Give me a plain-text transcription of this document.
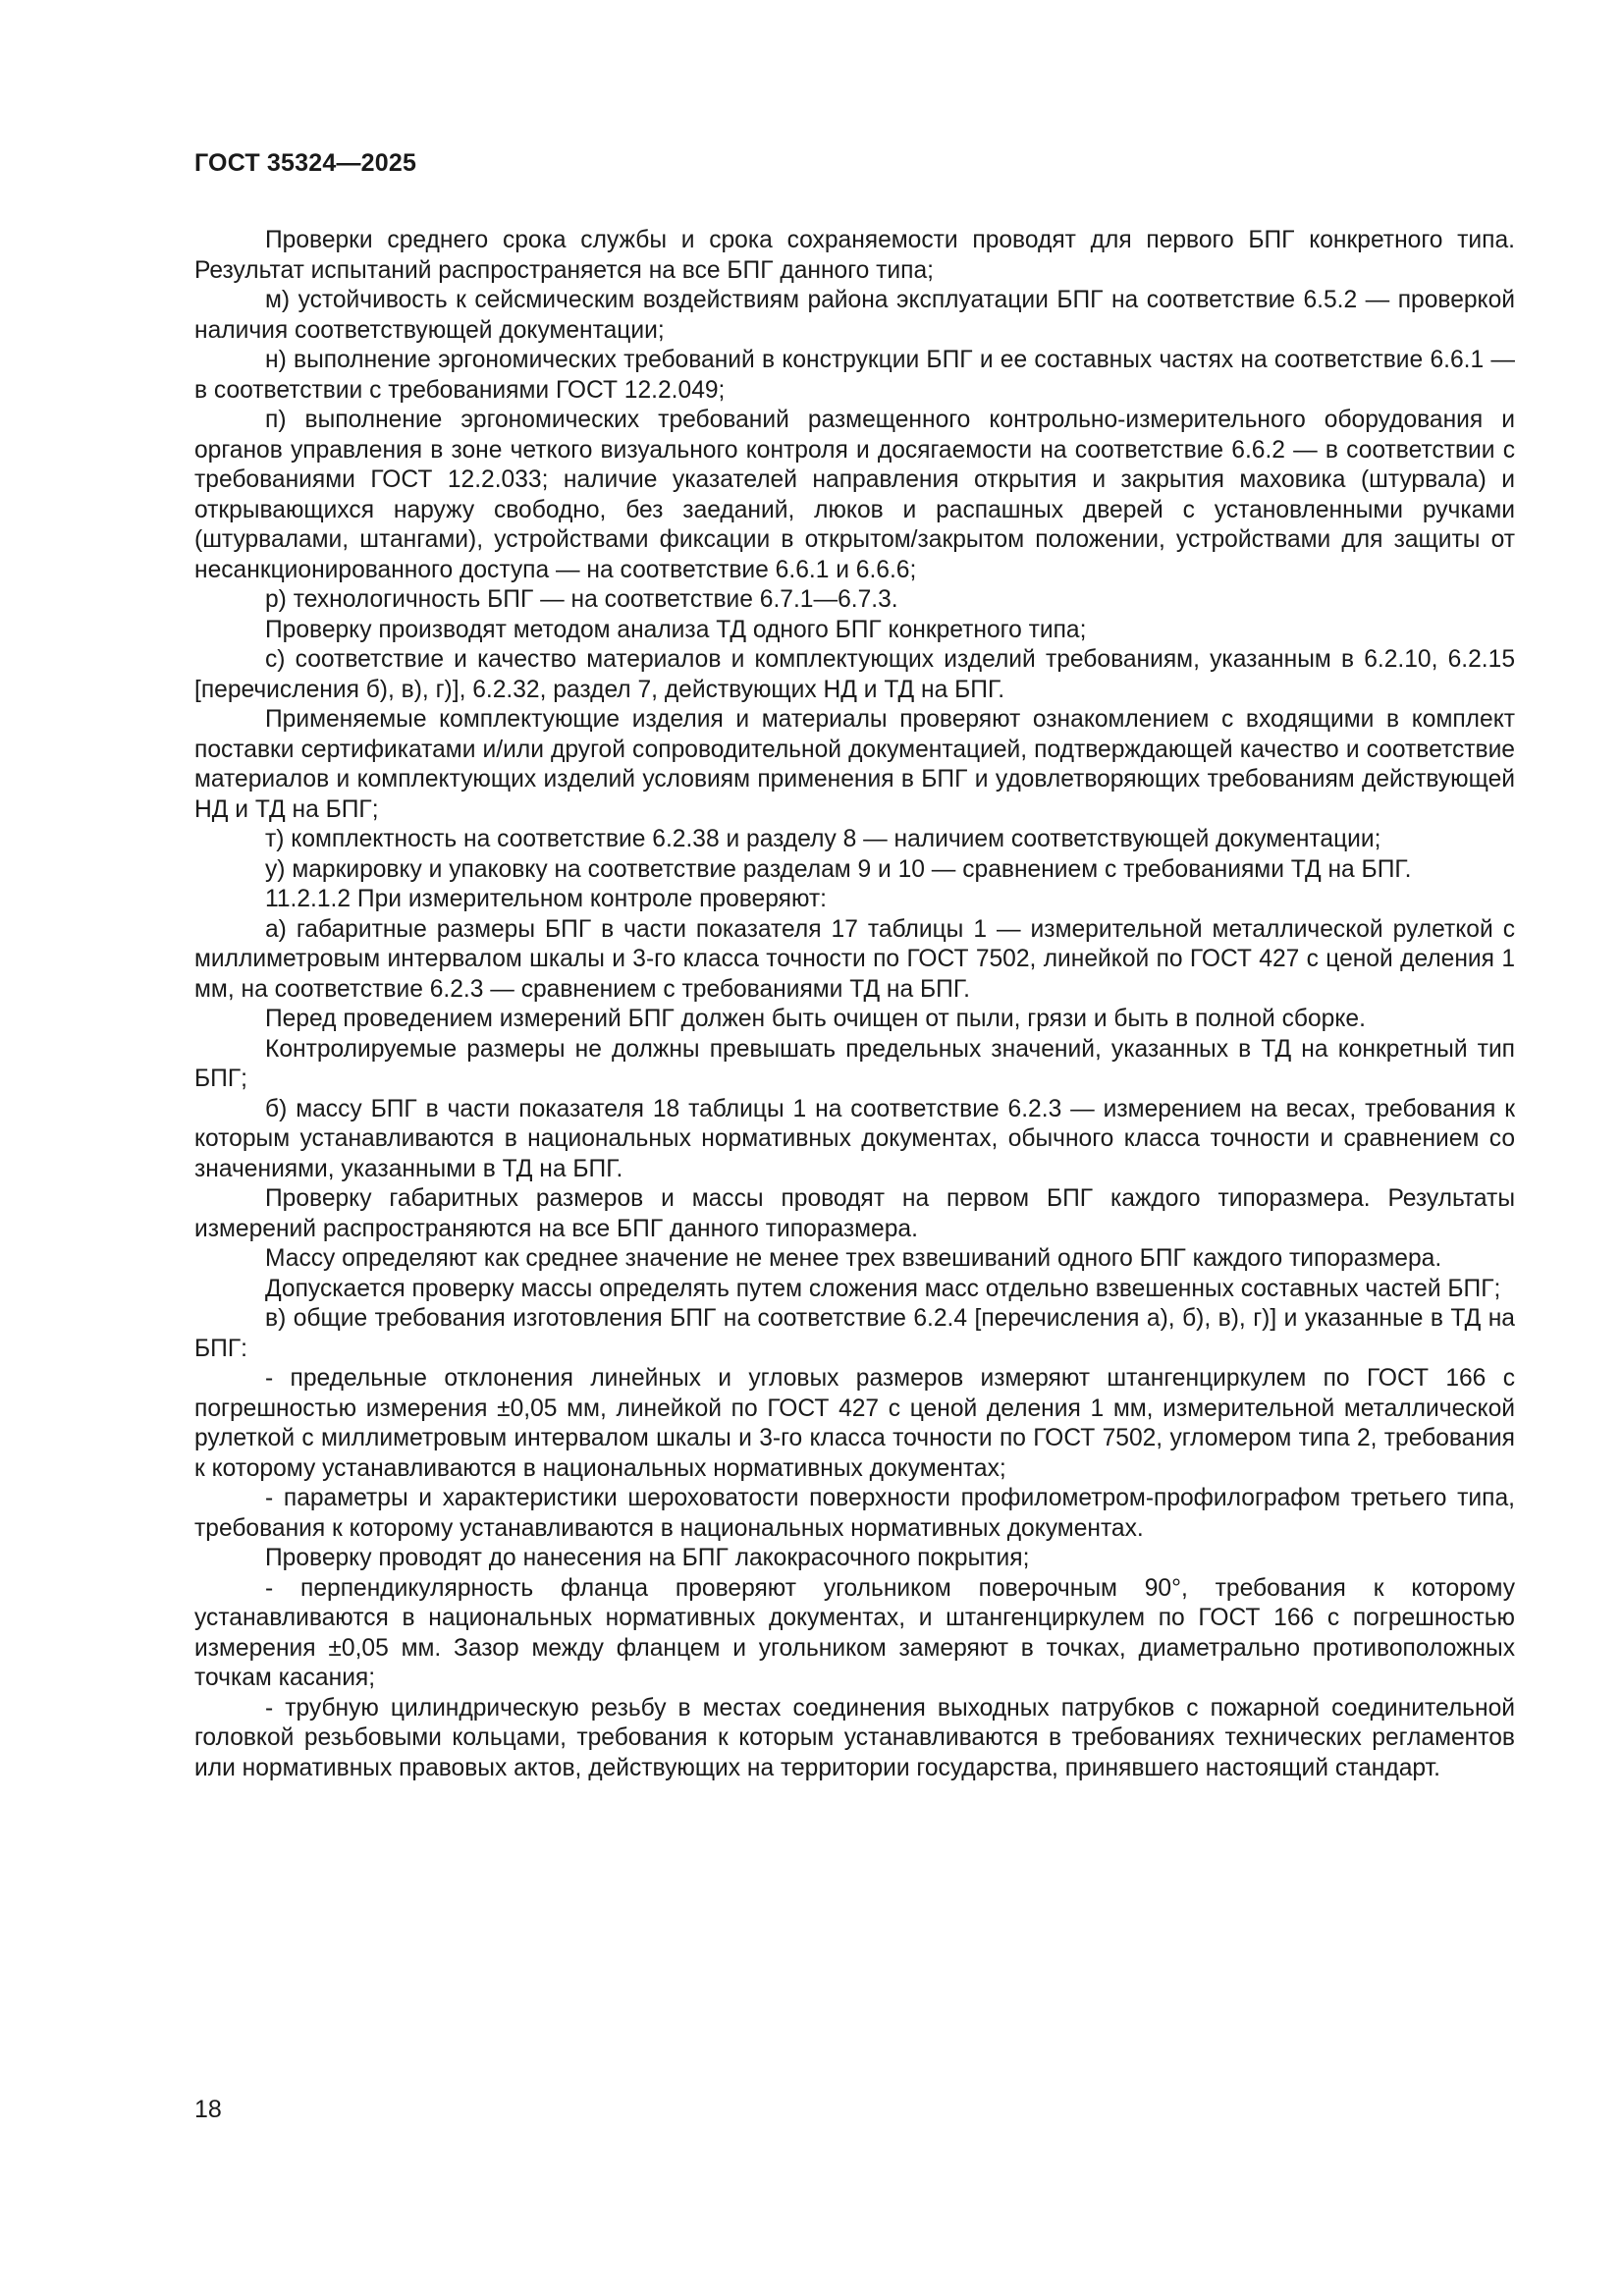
ГОСТ 35324—2025

Проверки среднего срока службы и срока сохраняемости проводят для первого БПГ конкретного типа. Результат испытаний распространяется на все БПГ данного типа;

м) устойчивость к сейсмическим воздействиям района эксплуатации БПГ на соответствие 6.5.2 — проверкой наличия соответствующей документации;

н) выполнение эргономических требований в конструкции БПГ и ее составных частях на соответствие 6.6.1 — в соответствии с требованиями ГОСТ 12.2.049;

п) выполнение эргономических требований размещенного контрольно-измерительного оборудования и органов управления в зоне четкого визуального контроля и досягаемости на соответствие 6.6.2 — в соответствии с требованиями ГОСТ 12.2.033; наличие указателей направления открытия и закрытия маховика (штурвала) и открывающихся наружу свободно, без заеданий, люков и распашных дверей с установленными ручками (штурвалами, штангами), устройствами фиксации в открытом/закрытом положении, устройствами для защиты от несанкционированного доступа — на соответствие 6.6.1 и 6.6.6;

р) технологичность БПГ — на соответствие 6.7.1—6.7.3.

Проверку производят методом анализа ТД одного БПГ конкретного типа;

с) соответствие и качество материалов и комплектующих изделий требованиям, указанным в 6.2.10, 6.2.15 [перечисления б), в), г)], 6.2.32, раздел 7, действующих НД и ТД на БПГ.

Применяемые комплектующие изделия и материалы проверяют ознакомлением с входящими в комплект поставки сертификатами и/или другой сопроводительной документацией, подтверждающей качество и соответствие материалов и комплектующих изделий условиям применения в БПГ и удовлетворяющих требованиям действующей НД и ТД на БПГ;

т) комплектность на соответствие 6.2.38 и разделу 8 — наличием соответствующей документации;

у) маркировку и упаковку на соответствие разделам 9 и 10 — сравнением с требованиями ТД на БПГ.

11.2.1.2 При измерительном контроле проверяют:

а) габаритные размеры БПГ в части показателя 17 таблицы 1 — измерительной металлической рулеткой с миллиметровым интервалом шкалы и 3-го класса точности по ГОСТ 7502, линейкой по ГОСТ 427 с ценой деления 1 мм, на соответствие 6.2.3 — сравнением с требованиями ТД на БПГ.

Перед проведением измерений БПГ должен быть очищен от пыли, грязи и быть в полной сборке.

Контролируемые размеры не должны превышать предельных значений, указанных в ТД на конкретный тип БПГ;

б) массу БПГ в части показателя 18 таблицы 1 на соответствие 6.2.3 — измерением на весах, требования к которым устанавливаются в национальных нормативных документах, обычного класса точности и сравнением со значениями, указанными в ТД на БПГ.

Проверку габаритных размеров и массы проводят на первом БПГ каждого типоразмера. Результаты измерений распространяются на все БПГ данного типоразмера.

Массу определяют как среднее значение не менее трех взвешиваний одного БПГ каждого типоразмера.

Допускается проверку массы определять путем сложения масс отдельно взвешенных составных частей БПГ;

в) общие требования изготовления БПГ на соответствие 6.2.4 [перечисления а), б), в), г)] и указанные в ТД на БПГ:

- предельные отклонения линейных и угловых размеров измеряют штангенциркулем по ГОСТ 166 с погрешностью измерения ±0,05 мм, линейкой по ГОСТ 427 с ценой деления 1 мм, измерительной металлической рулеткой с миллиметровым интервалом шкалы и 3-го класса точности по ГОСТ 7502, угломером типа 2, требования к которому устанавливаются в национальных нормативных документах;

- параметры и характеристики шероховатости поверхности профилометром-профилографом третьего типа, требования к которому устанавливаются в национальных нормативных документах.

Проверку проводят до нанесения на БПГ лакокрасочного покрытия;

- перпендикулярность фланца проверяют угольником поверочным 90°, требования к которому устанавливаются в национальных нормативных документах, и штангенциркулем по ГОСТ 166 с погрешностью измерения ±0,05 мм. Зазор между фланцем и угольником замеряют в точках, диаметрально противоположных точкам касания;

- трубную цилиндрическую резьбу в местах соединения выходных патрубков с пожарной соединительной головкой резьбовыми кольцами, требования к которым устанавливаются в требованиях технических регламентов или нормативных правовых актов, действующих на территории государства, принявшего настоящий стандарт.

18
